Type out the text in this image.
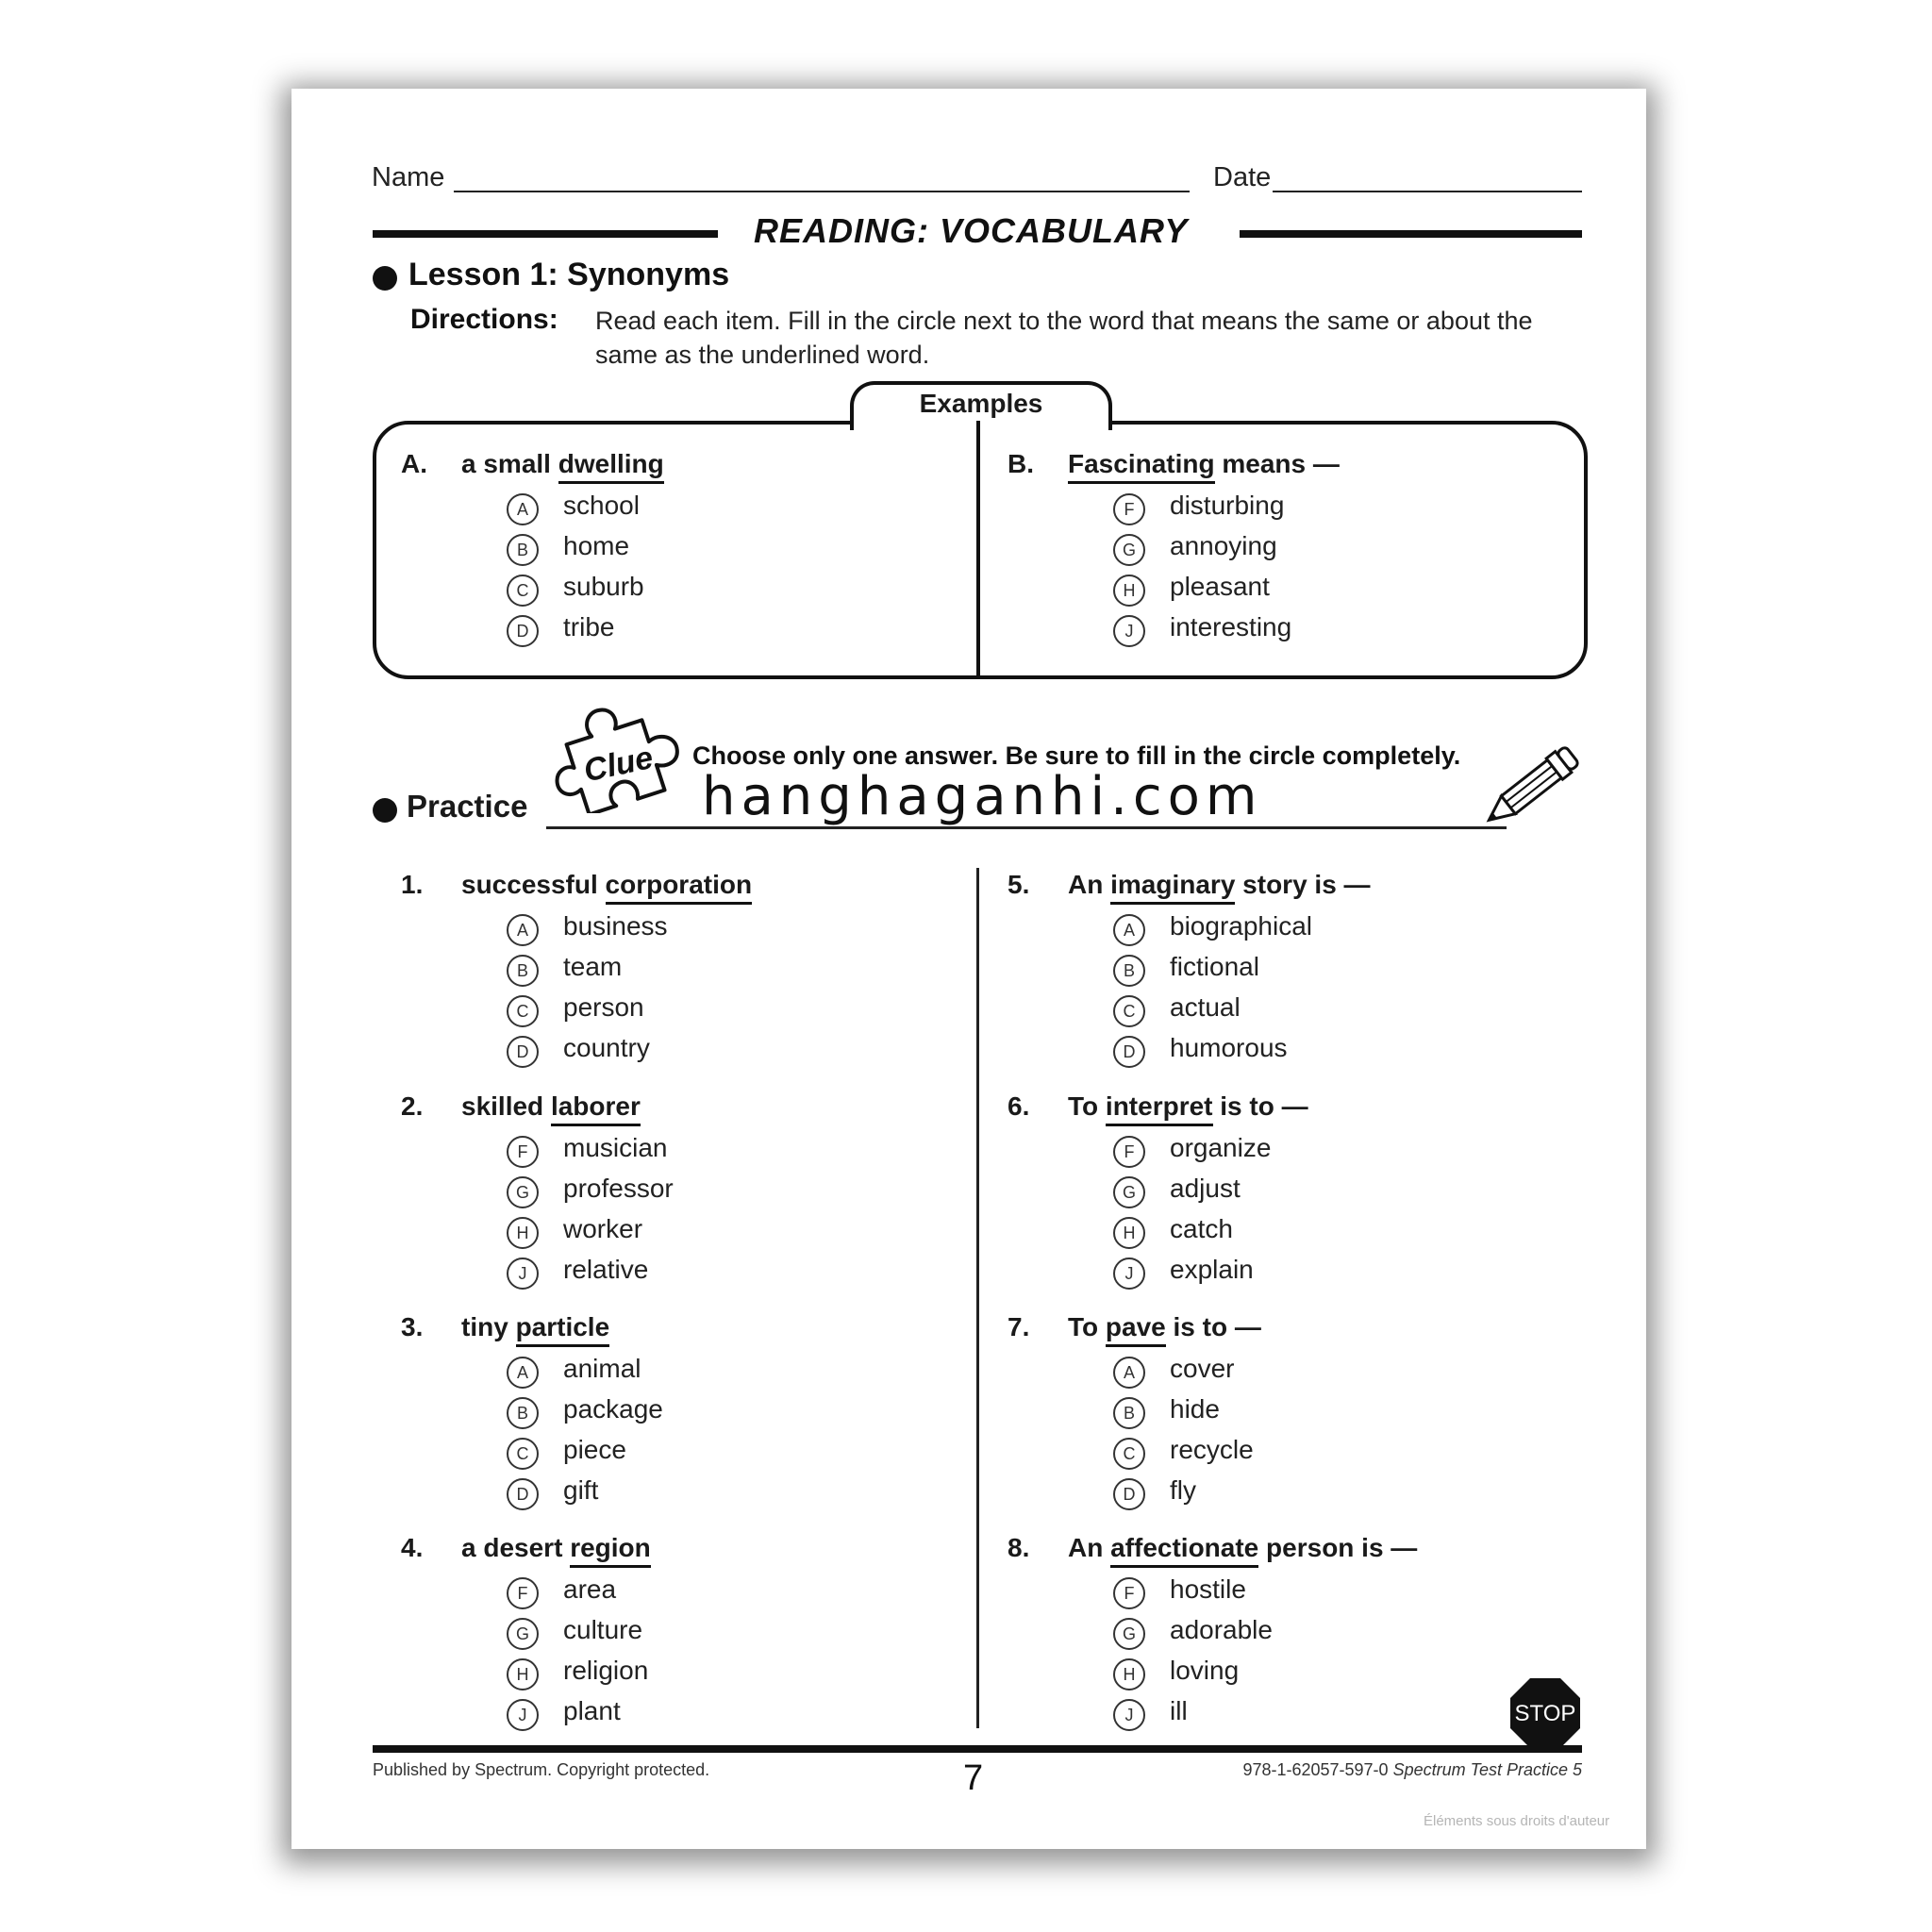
Name	Date
READING: VOCABULARY
Lesson 1: Synonyms
Directions: Read each item. Fill in the circle next to the word that means the same or about the same as the underlined word.
Examples
A. a small dwelling
A	school
B	home
C	suburb
D	tribe
B. Fascinating means —
F	disturbing
G	annoying
H	pleasant
J	interesting
Clue Choose only one answer. Be sure to fill in the circle completely.
Practice	hanghaganhi.com
1. successful corporation
A	business
B	team
C	person
D	country
2. skilled laborer
F	musician
G	professor
H	worker
J	relative
3. tiny particle
A	animal
B	package
C	piece
D	gift
4. a desert region
F	area
G	culture
H	religion
J	plant
5. An imaginary story is —
A	biographical
B	fictional
C	actual
D	humorous
6. To interpret is to —
F	organize
G	adjust
H	catch
J	explain
7. To pave is to —
A	cover
B	hide
C	recycle
D	fly
8. An affectionate person is —
F	hostile
G	adorable
H	loving
J	ill	STOP
Published by Spectrum. Copyright protected.	7	978-1-62057-597-0 Spectrum Test Practice 5
Éléments sous droits d'auteur
